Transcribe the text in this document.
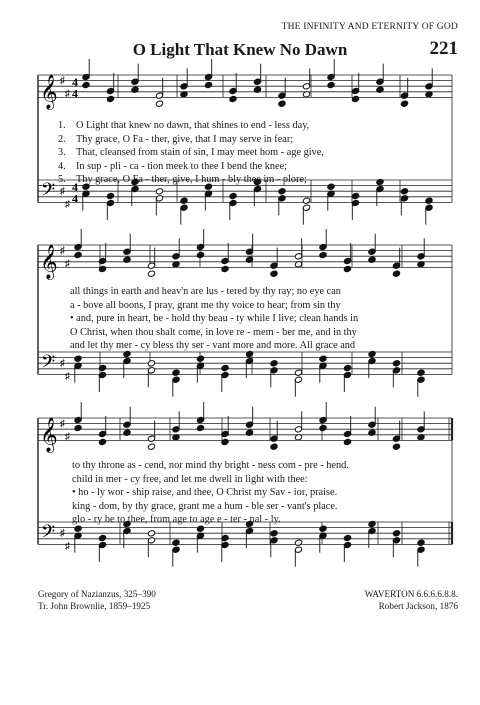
THE INFINITY AND ETERNITY OF GOD
O Light That Knew No Dawn	221
𝄞
𝄢
♯
♯
♯
♯
4
4
4
4
𝄞
𝄢
♯
♯
♯
♯
𝄞
𝄢
♯
♯
♯
♯
1. O Light that knew no dawn, that shines to end - less day,
2. Thy grace, O Fa - ther, give, that I may serve in fear;
3. That, cleansed from stain of sin, I may meet hom - age give,
4. In sup - pli - ca - tion meek to thee I bend the knee;
5. Thy grace, O Fa - ther, give, I hum - bly thee im - plore;
all things in earth and heav'n are lus - tered by thy ray; no eye can
a - bove all boons, I pray, grant me thy voice to hear; from sin thy
• and, pure in heart, be - hold thy beau - ty while I live; clean hands in
O Christ, when thou shalt come, in love re - mem - ber me, and in thy
and let thy mer - cy bless thy ser - vant more and more. All grace and
to thy throne as - cend, nor mind thy bright - ness com - pre - hend.
child in mer - cy free, and let me dwell in light with thee:
• ho - ly wor - ship raise, and thee, O Christ my Sav - ior, praise.
king - dom, by thy grace, grant me a hum - ble ser - vant's place.
glo - ry be to thee, from age to age e - ter - nal - ly.
Gregory of Nazianzus, 325–390
Tr. John Brownlie, 1859–1925
WAVERTON 6.6.6.6.8.8.
Robert Jackson, 1876
